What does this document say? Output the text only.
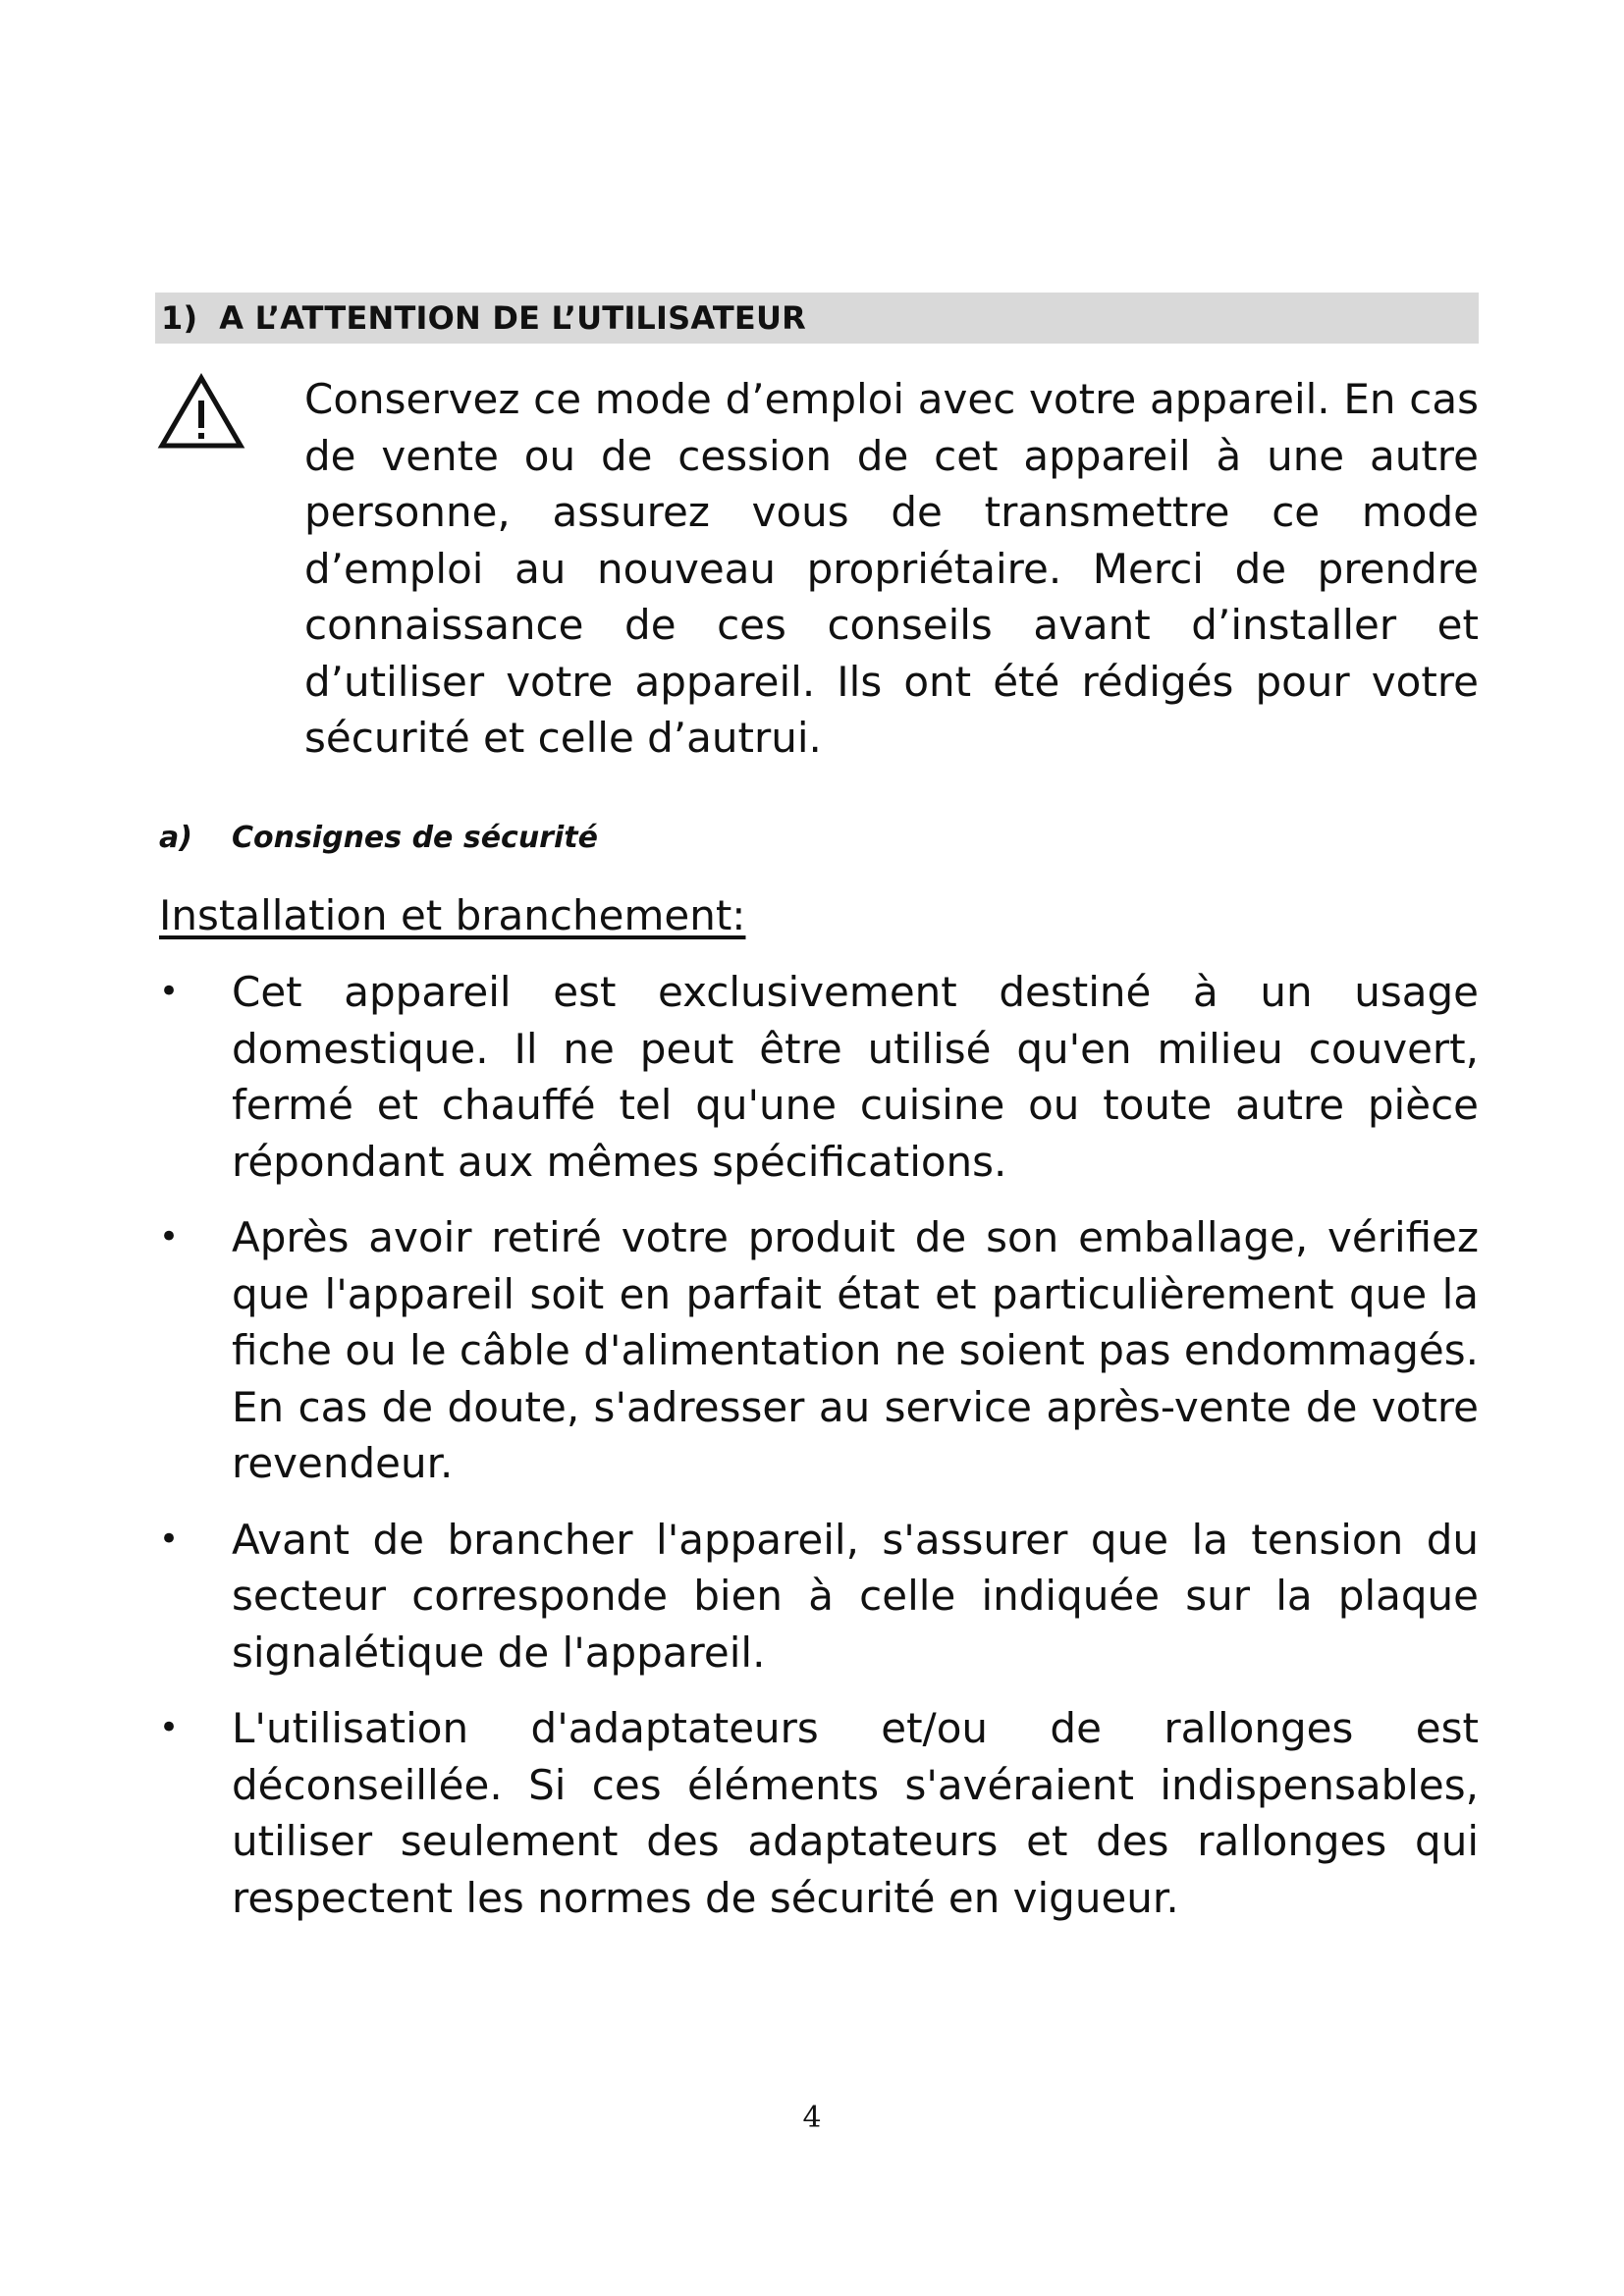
1) A L’ATTENTION DE L’UTILISATEUR

Conservez ce mode d’emploi avec votre appareil. En cas de vente ou de cession de cet appareil à une autre personne, assurez vous de transmettre ce mode d’emploi au nouveau propriétaire. Merci de prendre connaissance de ces conseils avant d’installer et d’utiliser votre appareil. Ils ont été rédigés pour votre sécurité et celle d’autrui.

a) Consignes de sécurité

Installation et branchement:

• Cet appareil est exclusivement destiné à un usage domestique. Il ne peut être utilisé qu'en milieu couvert, fermé et chauffé tel qu'une cuisine ou toute autre pièce répondant aux mêmes spécifications.
• Après avoir retiré votre produit de son emballage, vérifiez que l'appareil soit en parfait état et particulièrement que la fiche ou le câble d'alimentation ne soient pas endommagés. En cas de doute, s'adresser au service après-vente de votre revendeur.
• Avant de brancher l'appareil, s'assurer que la tension du secteur corresponde bien à celle indiquée sur la plaque signalétique de l'appareil.
• L'utilisation d'adaptateurs et/ou de rallonges est déconseillée. Si ces éléments s'avéraient indispensables, utiliser seulement des adaptateurs et des rallonges qui respectent les normes de sécurité en vigueur.

4
